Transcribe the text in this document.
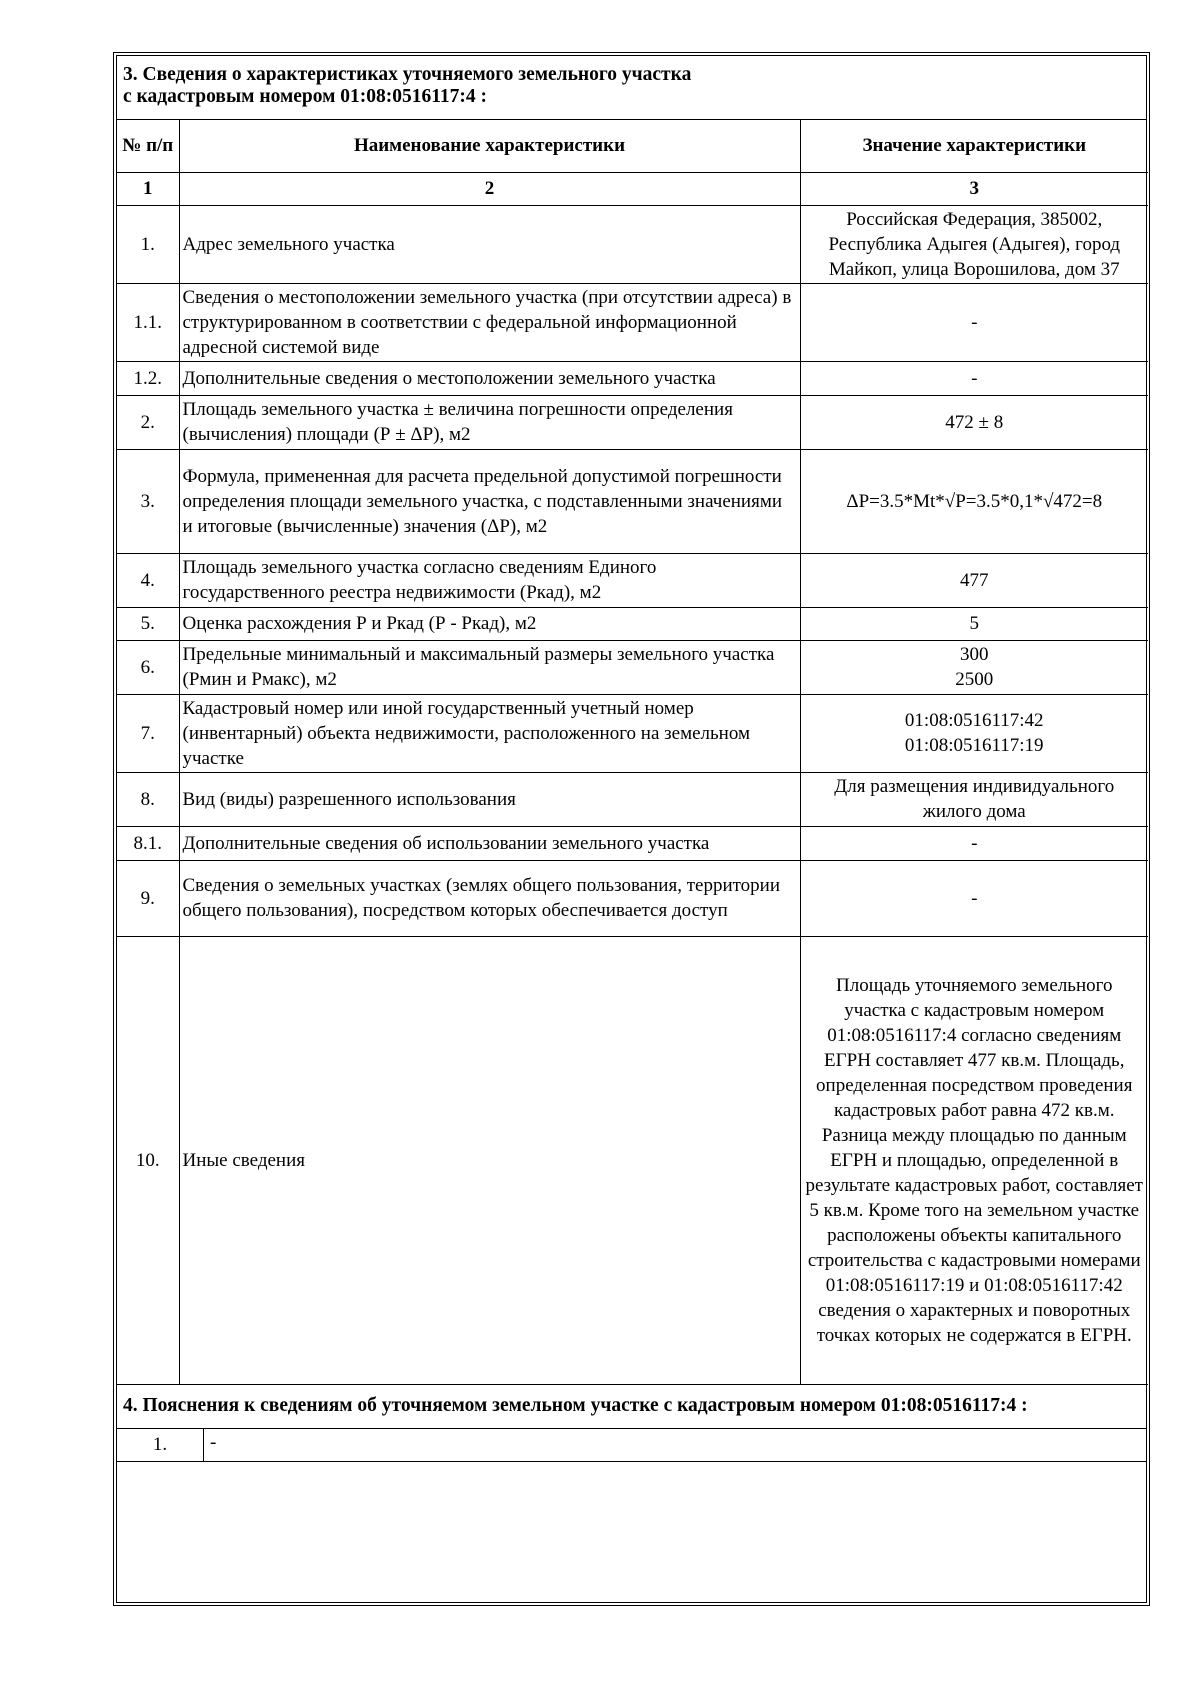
3. Сведения о характеристиках уточняемого земельного участка
с кадастровым номером 01:08:0516117:4 :
№ п/п	Наименование характеристики	Значение характеристики
1	2	3
1.	Адрес земельного участка	Российская Федерация, 385002, Республика Адыгея (Адыгея), город Майкоп, улица Ворошилова, дом 37
1.1.	Сведения о местоположении земельного участка (при отсутствии адреса) в структурированном в соответствии с федеральной информационной адресной системой виде	-
1.2.	Дополнительные сведения о местоположении земельного участка	-
2.	Площадь земельного участка ± величина погрешности определения (вычисления) площади (Р ± ΔР), м2	472 ± 8
3.	Формула, примененная для расчета предельной допустимой погрешности определения площади земельного участка, с подставленными значениями и итоговые (вычисленные) значения (ΔР), м2	ΔP=3.5*Mt*√P=3.5*0,1*√472=8
4.	Площадь земельного участка согласно сведениям Единого государственного реестра недвижимости (Ркад), м2	477
5.	Оценка расхождения Р и Ркад (Р - Ркад), м2	5
6.	Предельные минимальный и максимальный размеры земельного участка (Рмин и Рмакс), м2	300
2500

7.	Кадастровый номер или иной государственный учетный номер (инвентарный) объекта недвижимости, расположенного на земельном участке	01:08:0516117:42
01:08:0516117:19

8.	Вид (виды) разрешенного использования	Для размещения индивидуального жилого дома
8.1.	Дополнительные сведения об использовании земельного участка	-
9.	Сведения о земельных участках (землях общего пользования, территории общего пользования), посредством которых обеспечивается доступ	-
10.	Иные сведения	Площадь уточняемого земельного участка с кадастровым номером 01:08:0516117:4 согласно сведениям ЕГРН составляет 477 кв.м. Площадь, определенная посредством проведения кадастровых работ равна 472 кв.м. Разница между площадью по данным ЕГРН и площадью, определенной в результате кадастровых работ, составляет 5 кв.м. Кроме того на земельном участке расположены объекты капитального строительства с кадастровыми номерами 01:08:0516117:19 и 01:08:0516117:42 сведения о характерных и поворотных точках которых не содержатся в ЕГРН.
4. Пояснения к сведениям об уточняемом земельном участке с кадастровым номером 01:08:0516117:4 :
1.	-
